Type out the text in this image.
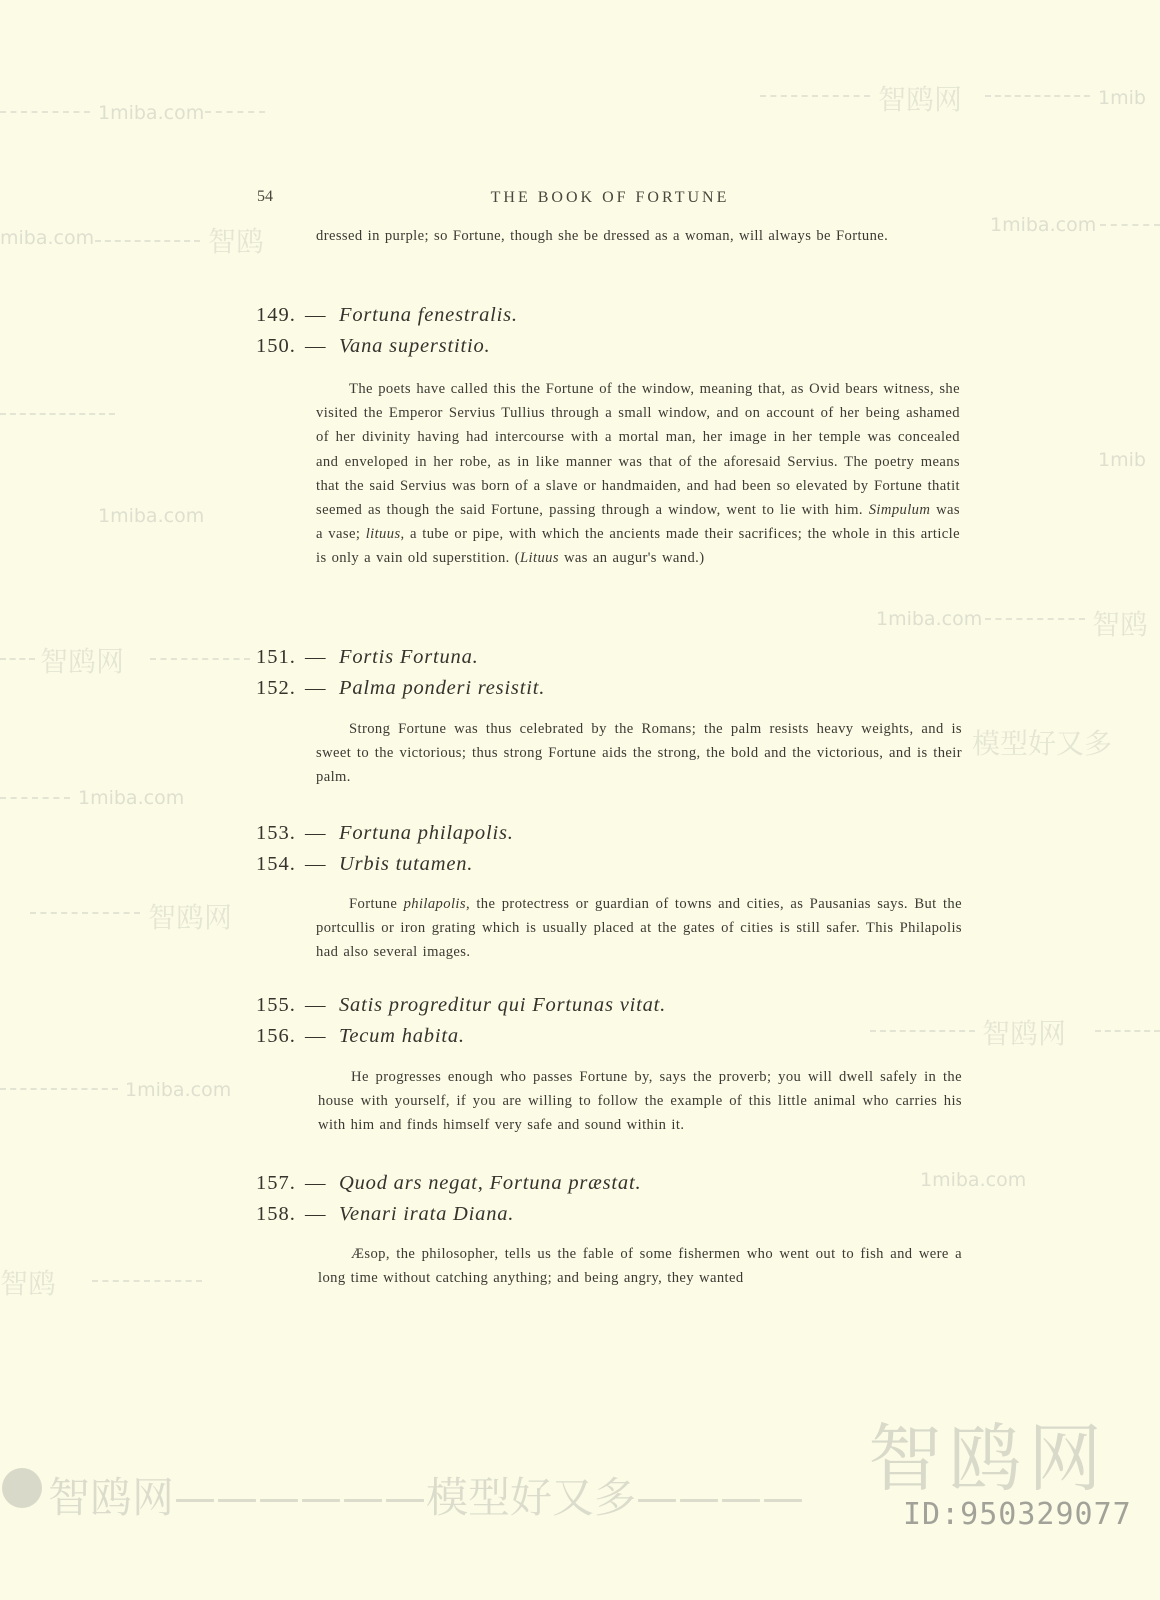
1miba.com	智鸥网	1mib
miba.com	智鸥	1miba.com
1mib
1miba.com
1miba.com	智鸥
智鸥网
模型好又多
1miba.com
智鸥网
智鸥网
1miba.com
1miba.com
智鸥
智鸥网——————模型好又多———— 智鸥网
ID:950329077
54	THE BOOK OF FORTUNE

dressed in purple; so Fortune, though she be dressed as a woman, will always be Fortune.

149. — Fortuna fenestralis.
150. — Vana superstitio.

The poets have called this the Fortune of the window, meaning that, as Ovid bears witness, she visited the Emperor Servius Tullius through a small window, and on account of her being ashamed of her divinity having had intercourse with a mortal man, her image in her temple was concealed and enveloped in her robe, as in like manner was that of the aforesaid Servius. The poetry means that the said Servius was born of a slave or handmaiden, and had been so elevated by Fortune thatit seemed as though the said Fortune, passing through a window, went to lie with him. Simpulum was a vase; lituus, a tube or pipe, with which the ancients made their sacrifices; the whole in this article is only a vain old superstition. (Lituus was an augur's wand.)

151. — Fortis Fortuna.
152. — Palma ponderi resistit.

Strong Fortune was thus celebrated by the Romans; the palm resists heavy weights, and is sweet to the victorious; thus strong Fortune aids the strong, the bold and the victorious, and is their palm.

153. — Fortuna philapolis.
154. — Urbis tutamen.

Fortune philapolis, the protectress or guardian of towns and cities, as Pausanias says. But the portcullis or iron grating which is usually placed at the gates of cities is still safer. This Philapolis had also several images.

155. — Satis progreditur qui Fortunas vitat.
156. — Tecum habita.

He progresses enough who passes Fortune by, says the proverb; you will dwell safely in the house with yourself, if you are willing to follow the example of this little animal who carries his with him and finds himself very safe and sound within it.

157. — Quod ars negat, Fortuna præstat.
158. — Venari irata Diana.

Æsop, the philosopher, tells us the fable of some fishermen who went out to fish and were a long time without catching anything; and being angry, they wanted
